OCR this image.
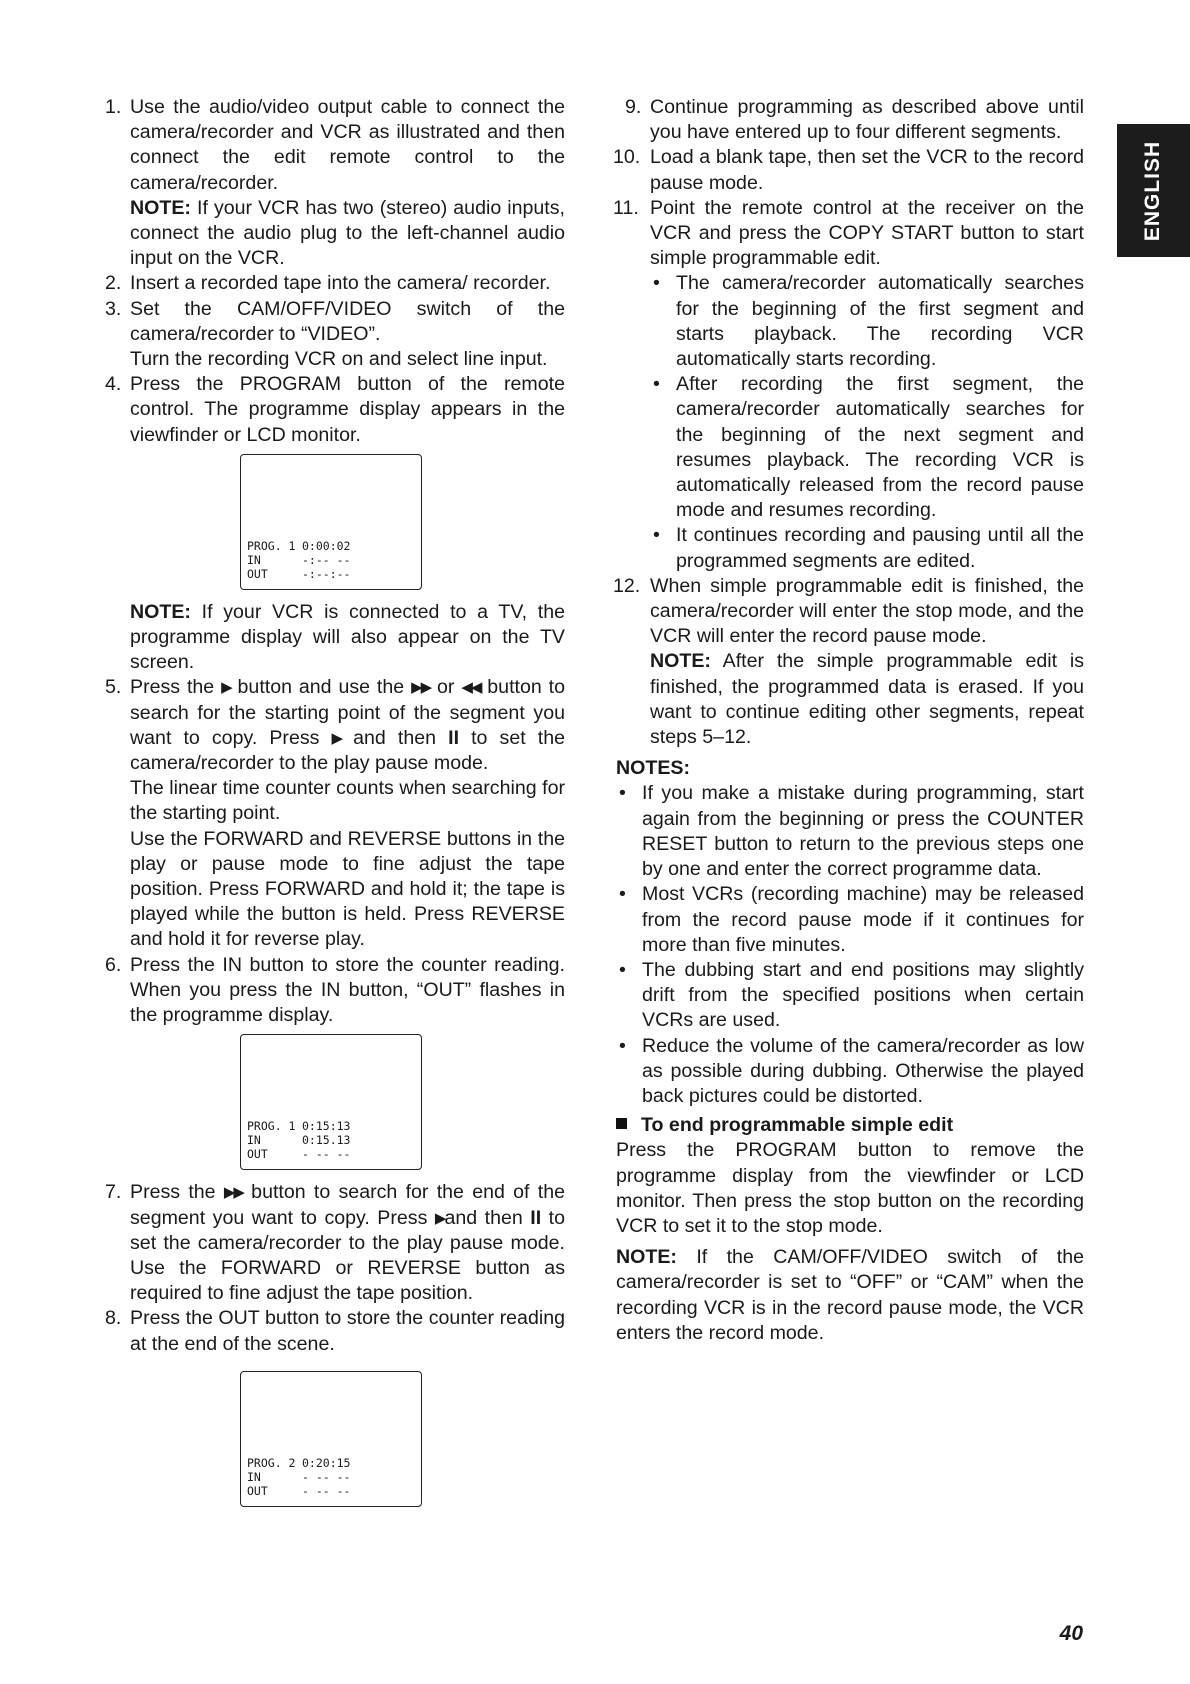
ENGLISH
1. Use the audio/video output cable to connect the camera/recorder and VCR as illustrated and then connect the edit remote control to the camera/recorder.

NOTE: If your VCR has two (stereo) audio inputs, connect the audio plug to the left-channel audio input on the VCR.

2. Insert a recorded tape into the camera/ recorder.

3. Set the CAM/OFF/VIDEO switch of the camera/recorder to “VIDEO”.

Turn the recording VCR on and select line input.

4. Press the PROGRAM button of the remote control. The programme display appears in the viewfinder or LCD monitor.

PROG. 1 0:00:02
IN	-:-- --
OUT	-:--:--

NOTE: If your VCR is connected to a TV, the programme display will also appear on the TV screen.

5. Press the ▶ button and use the ▶▶ or ◀◀ button to search for the starting point of the segment you want to copy. Press ▶ and then II to set the camera/recorder to the play pause mode.

The linear time counter counts when searching for the starting point.

Use the FORWARD and REVERSE buttons in the play or pause mode to fine adjust the tape position. Press FORWARD and hold it; the tape is played while the button is held. Press REVERSE and hold it for reverse play.

6. Press the IN button to store the counter reading. When you press the IN button, “OUT” flashes in the programme display.

PROG. 1 0:15:13
IN	0:15.13
OUT	- -- --
7. Press the ▶▶ button to search for the end of the segment you want to copy. Press ▶and then II to set the camera/recorder to the play pause mode. Use the FORWARD or REVERSE button as required to fine adjust the tape position.

8. Press the OUT button to store the counter reading at the end of the scene.

PROG. 2 0:20:15
IN	- -- --
OUT	- -- --
9. Continue programming as described above until you have entered up to four different segments.

10. Load a blank tape, then set the VCR to the record pause mode.

11. Point the remote control at the receiver on the VCR and press the COPY START button to start simple programmable edit.

• The camera/recorder automatically searches for the beginning of the first segment and starts playback. The recording VCR automatically starts recording.
• After recording the first segment, the camera/recorder automatically searches for the beginning of the next segment and resumes playback. The recording VCR is automatically released from the record pause mode and resumes recording.
• It continues recording and pausing until all the programmed segments are edited.
12. When simple programmable edit is finished, the camera/recorder will enter the stop mode, and the VCR will enter the record pause mode.

NOTE: After the simple programmable edit is finished, the programmed data is erased. If you want to continue editing other segments, repeat steps 5–12.

NOTES:
• If you make a mistake during programming, start again from the beginning or press the COUNTER RESET button to return to the previous steps one by one and enter the correct programme data.
• Most VCRs (recording machine) may be released from the record pause mode if it continues for more than five minutes.
• The dubbing start and end positions may slightly drift from the specified positions when certain VCRs are used.
• Reduce the volume of the camera/recorder as low as possible during dubbing. Otherwise the played back pictures could be distorted.
To end programmable simple edit

Press the PROGRAM button to remove the programme display from the viewfinder or LCD monitor. Then press the stop button on the recording VCR to set it to the stop mode.

NOTE: If the CAM/OFF/VIDEO switch of the camera/recorder is set to “OFF” or “CAM” when the recording VCR is in the record pause mode, the VCR enters the record mode.

40
